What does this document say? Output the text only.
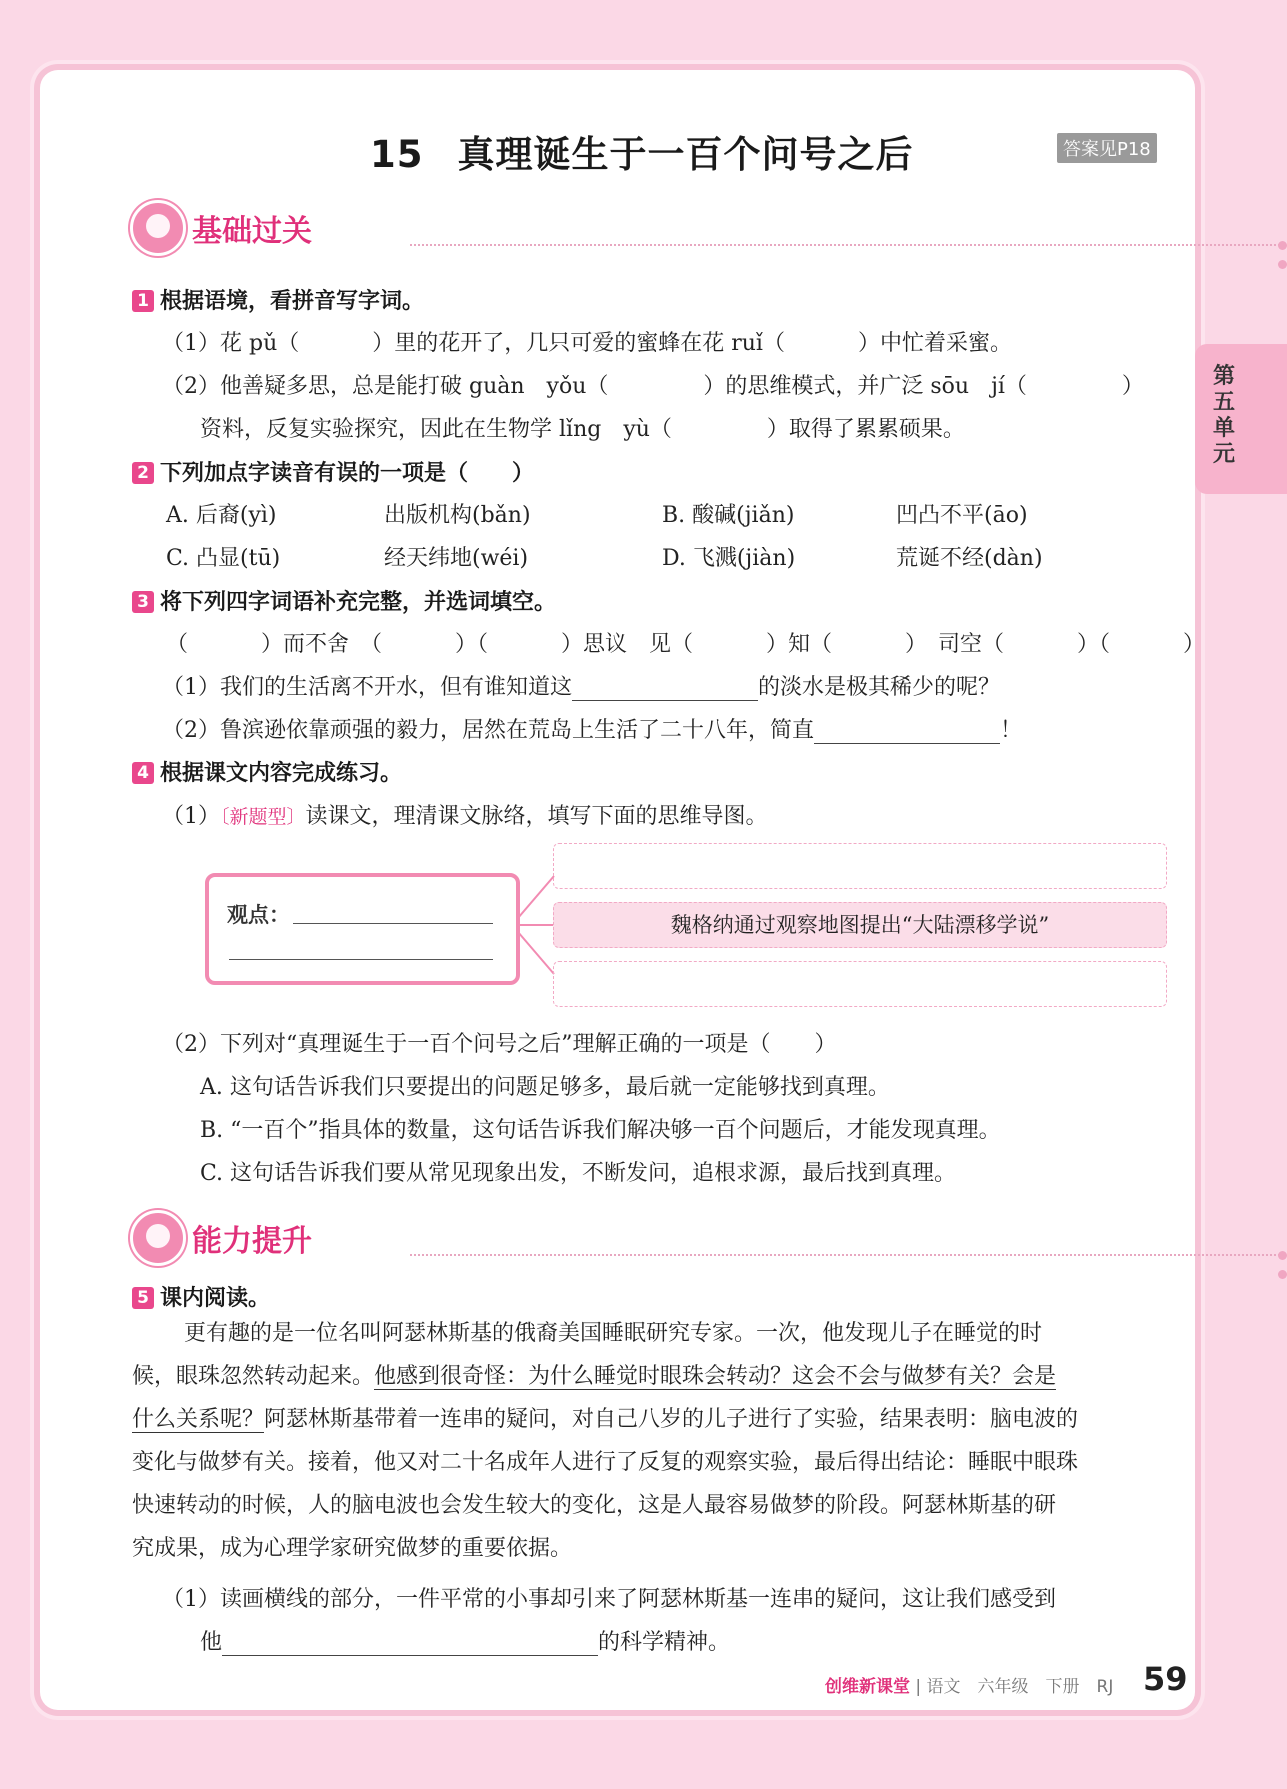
15 真理诞生于一百个问号之后	答案见P18
第五单元
基础过关
1 根据语境，看拼音写字词。
（1）花 pǔ（　　　 ）里的花开了，几只可爱的蜜蜂在花 ruǐ（　　　 ）中忙着采蜜。
（2）他善疑多思，总是能打破 guàn　yǒu（　　　　 ）的思维模式，并广泛 sōu　jí（　　　　 ）
资料，反复实验探究，因此在生物学 lǐng　yù（　　　　 ）取得了累累硕果。
2 下列加点字读音有误的一项是（　　）
A. 后裔(yì)	出版机构(bǎn)	B. 酸碱(jiǎn)	凹凸不平(āo)
C. 凸显(tū)	经天纬地(wéi)	D. 飞溅(jiàn)	荒诞不经(dàn)
3 将下列四字词语补充完整，并选词填空。
（　　　 ）而不舍　（　　　 ）（　　　 ）思议　见（　　　 ）知（　　　 ）　司空（　　　 ）（　　　 ）
（1）我们的生活离不开水，但有谁知道这	的淡水是极其稀少的呢？
（2）鲁滨逊依靠顽强的毅力，居然在荒岛上生活了二十八年，简直	！
4 根据课文内容完成练习。
（1）〔新题型〕读课文，理清课文脉络，填写下面的思维导图。
观点：	魏格纳通过观察地图提出“大陆漂移学说”
（2）下列对“真理诞生于一百个问号之后”理解正确的一项是（　　）
A. 这句话告诉我们只要提出的问题足够多，最后就一定能够找到真理。
B. “一百个”指具体的数量，这句话告诉我们解决够一百个问题后，才能发现真理。
C. 这句话告诉我们要从常见现象出发，不断发问，追根求源，最后找到真理。
能力提升
5 课内阅读。
更有趣的是一位名叫阿瑟林斯基的俄裔美国睡眠研究专家。一次，他发现儿子在睡觉的时
候，眼珠忽然转动起来。他感到很奇怪：为什么睡觉时眼珠会转动？这会不会与做梦有关？会是
什么关系呢？阿瑟林斯基带着一连串的疑问，对自己八岁的儿子进行了实验，结果表明：脑电波的
变化与做梦有关。接着，他又对二十名成年人进行了反复的观察实验，最后得出结论：睡眠中眼珠
快速转动的时候，人的脑电波也会发生较大的变化，这是人最容易做梦的阶段。阿瑟林斯基的研
究成果，成为心理学家研究做梦的重要依据。
（1）读画横线的部分，一件平常的小事却引来了阿瑟林斯基一连串的疑问，这让我们感受到
他	的科学精神。
创维新课堂 | 语文　六年级　下册　RJ 59
